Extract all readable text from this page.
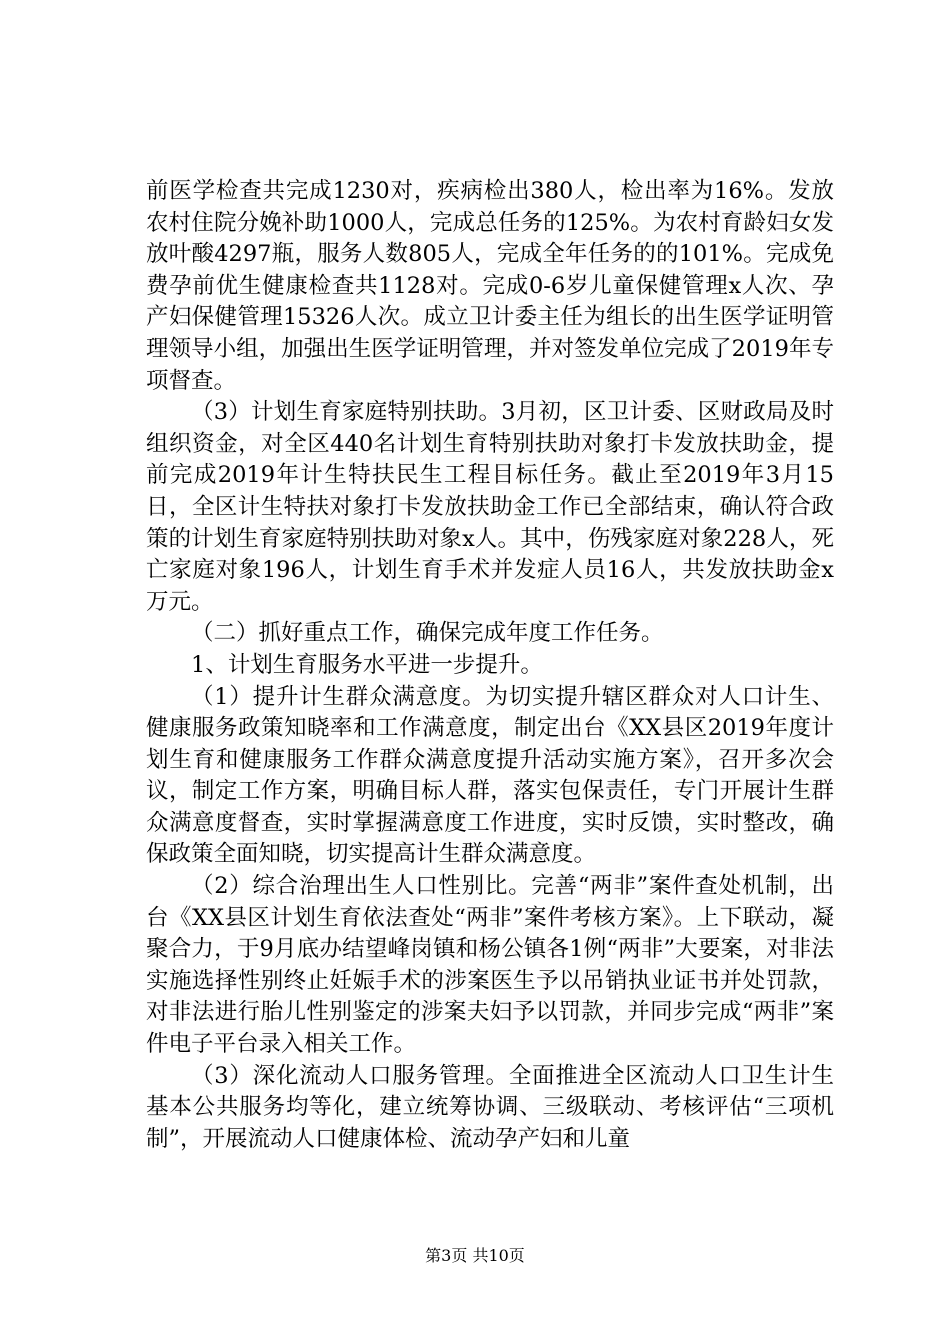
前医学检查共完成1230对，疾病检出380人，检出率为16%。发放农村住院分娩补助1000人，完成总任务的125%。为农村育龄妇女发放叶酸4297瓶，服务人数805人，完成全年任务的的101%。完成免费孕前优生健康检查共1128对。完成0-6岁儿童保健管理x人次、孕产妇保健管理15326人次。成立卫计委主任为组长的出生医学证明管理领导小组，加强出生医学证明管理，并对签发单位完成了2019年专项督查。

（3）计划生育家庭特别扶助。3月初，区卫计委、区财政局及时组织资金，对全区440名计划生育特别扶助对象打卡发放扶助金，提前完成2019年计生特扶民生工程目标任务。截止至2019年3月15日，全区计生特扶对象打卡发放扶助金工作已全部结束，确认符合政策的计划生育家庭特别扶助对象x人。其中，伤残家庭对象228人，死亡家庭对象196人，计划生育手术并发症人员16人，共发放扶助金x万元。

（二）抓好重点工作，确保完成年度工作任务。

1、计划生育服务水平进一步提升。

（1）提升计生群众满意度。为切实提升辖区群众对人口计生、健康服务政策知晓率和工作满意度，制定出台《XX县区2019年度计划生育和健康服务工作群众满意度提升活动实施方案》，召开多次会议，制定工作方案，明确目标人群，落实包保责任，专门开展计生群众满意度督查，实时掌握满意度工作进度，实时反馈，实时整改，确保政策全面知晓，切实提高计生群众满意度。

（2）综合治理出生人口性别比。完善“两非”案件查处机制，出台《XX县区计划生育依法查处“两非”案件考核方案》。上下联动，凝聚合力，于9月底办结望峰岗镇和杨公镇各1例“两非”大要案，对非法实施选择性别终止妊娠手术的涉案医生予以吊销执业证书并处罚款，对非法进行胎儿性别鉴定的涉案夫妇予以罚款，并同步完成“两非”案件电子平台录入相关工作。

（3）深化流动人口服务管理。全面推进全区流动人口卫生计生基本公共服务均等化，建立统筹协调、三级联动、考核评估“三项机制”，开展流动人口健康体检、流动孕产妇和儿童

第3页 共10页
